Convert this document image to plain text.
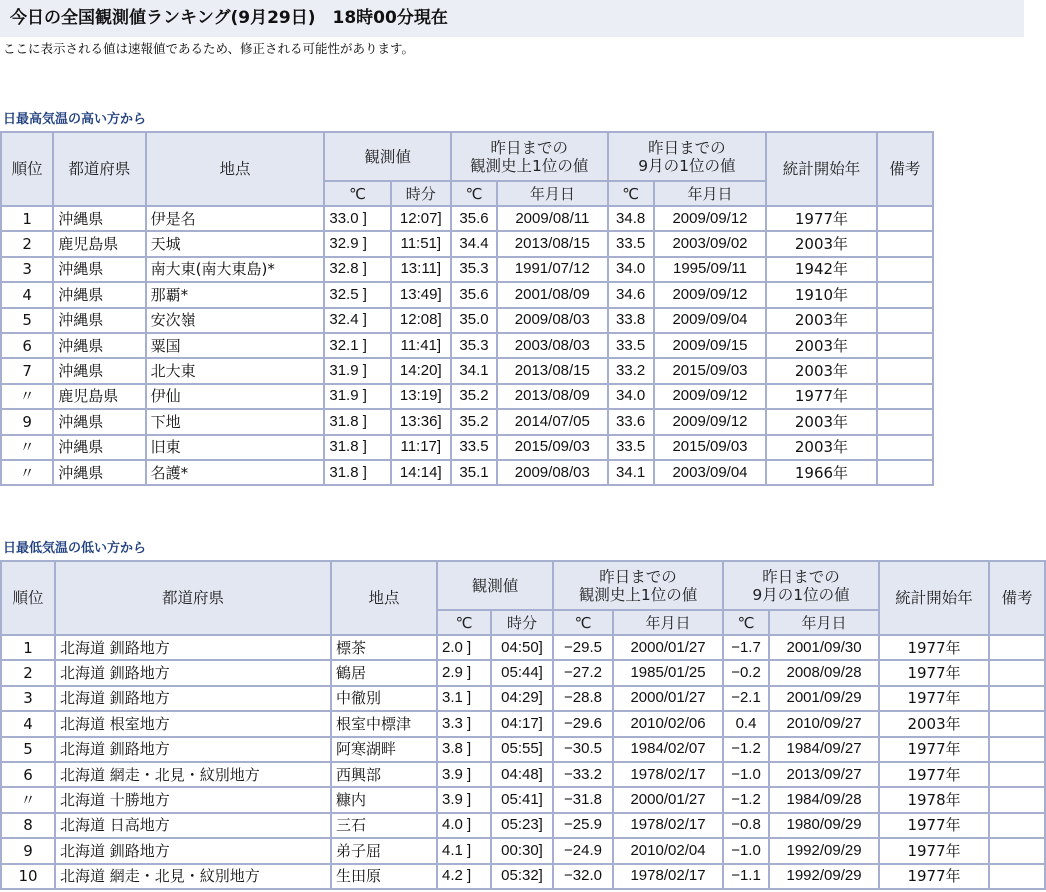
今日の全国観測値ランキング(9月29日)　18時00分現在
ここに表示される値は速報値であるため、修正される可能性があります。
日最高気温の高い方から
順位	都道府県	地点	観測値		昨日までの
観測史上1位の値		昨日までの
9月の1位の値		統計開始年	備考
			℃	時分	℃	年月日	℃	年月日		
1	沖縄県	伊是名	33.0 ]	12:07]	35.6	2009/08/11	34.8	2009/09/12	1977年	
2	鹿児島県	天城	32.9 ]	11:51]	34.4	2013/08/15	33.5	2003/09/02	2003年	
3	沖縄県	南大東(南大東島)*	32.8 ]	13:11]	35.3	1991/07/12	34.0	1995/09/11	1942年	
4	沖縄県	那覇*	32.5 ]	13:49]	35.6	2001/08/09	34.6	2009/09/12	1910年	
5	沖縄県	安次嶺	32.4 ]	12:08]	35.0	2009/08/03	33.8	2009/09/04	2003年	
6	沖縄県	粟国	32.1 ]	11:41]	35.3	2003/08/03	33.5	2009/09/15	2003年	
7	沖縄県	北大東	31.9 ]	14:20]	34.1	2013/08/15	33.2	2015/09/03	2003年	
〃	鹿児島県	伊仙	31.9 ]	13:19]	35.2	2013/08/09	34.0	2009/09/12	1977年	
9	沖縄県	下地	31.8 ]	13:36]	35.2	2014/07/05	33.6	2009/09/12	2003年	
〃	沖縄県	旧東	31.8 ]	11:17]	33.5	2015/09/03	33.5	2015/09/03	2003年	
〃	沖縄県	名護*	31.8 ]	14:14]	35.1	2009/08/03	34.1	2003/09/04	1966年	
日最低気温の低い方から
順位	都道府県	地点	観測値		昨日までの
観測史上1位の値		昨日までの
9月の1位の値		統計開始年	備考
			℃	時分	℃	年月日	℃	年月日		
1	北海道 釧路地方	標茶	2.0 ]	04:50]	−29.5	2000/01/27	−1.7	2001/09/30	1977年	
2	北海道 釧路地方	鶴居	2.9 ]	05:44]	−27.2	1985/01/25	−0.2	2008/09/28	1977年	
3	北海道 釧路地方	中徹別	3.1 ]	04:29]	−28.8	2000/01/27	−2.1	2001/09/29	1977年	
4	北海道 根室地方	根室中標津	3.3 ]	04:17]	−29.6	2010/02/06	0.4	2010/09/27	2003年	
5	北海道 釧路地方	阿寒湖畔	3.8 ]	05:55]	−30.5	1984/02/07	−1.2	1984/09/27	1977年	
6	北海道 網走・北見・紋別地方	西興部	3.9 ]	04:48]	−33.2	1978/02/17	−1.0	2013/09/27	1977年	
〃	北海道 十勝地方	糠内	3.9 ]	05:41]	−31.8	2000/01/27	−1.2	1984/09/28	1978年	
8	北海道 日高地方	三石	4.0 ]	05:23]	−25.9	1978/02/17	−0.8	1980/09/29	1977年	
9	北海道 釧路地方	弟子屈	4.1 ]	00:30]	−24.9	2010/02/04	−1.0	1992/09/29	1977年	
10	北海道 網走・北見・紋別地方	生田原	4.2 ]	05:32]	−32.0	1978/02/17	−1.1	1992/09/29	1977年	
